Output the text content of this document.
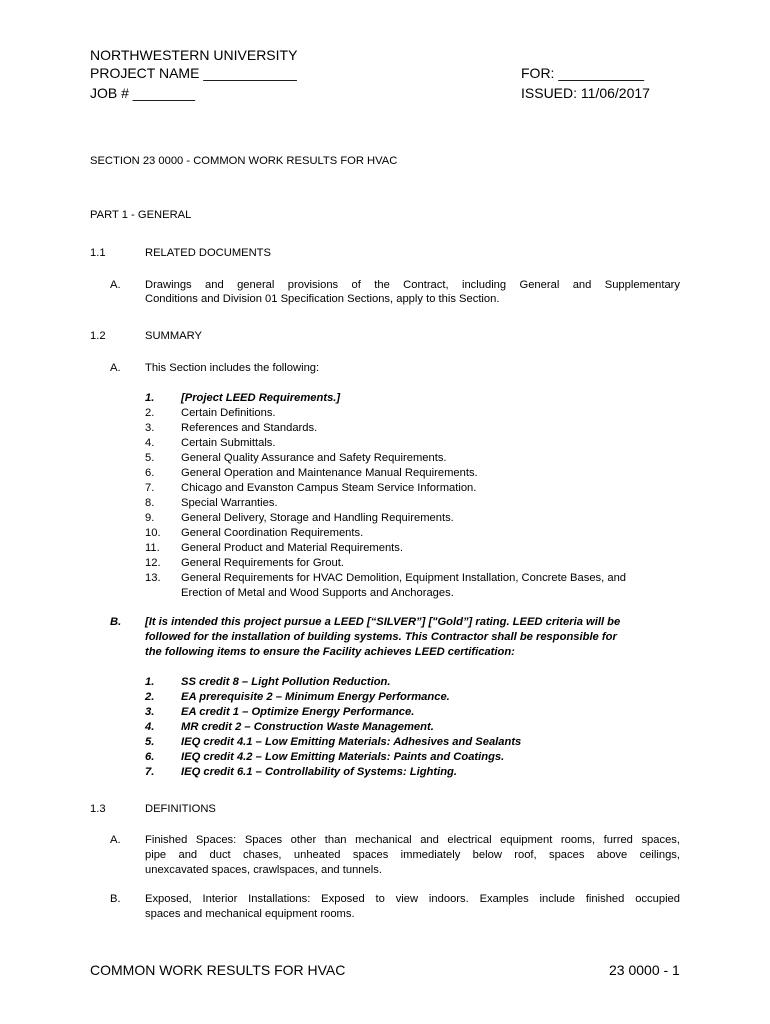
NORTHWESTERN UNIVERSITY
PROJECT NAME ____________
JOB # ________
FOR: ___________
ISSUED: 11/06/2017
SECTION 23 0000 - COMMON WORK RESULTS FOR HVAC
PART 1 - GENERAL
1.1	RELATED DOCUMENTS
A. Drawings and general provisions of the Contract, including General and Supplementary
Conditions and Division 01 Specification Sections, apply to this Section.
1.2	SUMMARY
A. This Section includes the following:
1. [Project LEED Requirements.]
2. Certain Definitions.
3. References and Standards.
4. Certain Submittals.
5. General Quality Assurance and Safety Requirements.
6. General Operation and Maintenance Manual Requirements.
7. Chicago and Evanston Campus Steam Service Information.
8. Special Warranties.
9. General Delivery, Storage and Handling Requirements.
10. General Coordination Requirements.
11. General Product and Material Requirements.
12. General Requirements for Grout.
13. General Requirements for HVAC Demolition, Equipment Installation, Concrete Bases, and
Erection of Metal and Wood Supports and Anchorages.
B. [It is intended this project pursue a LEED [“SILVER”] ["Gold”] rating. LEED criteria will be
followed for the installation of building systems. This Contractor shall be responsible for
the following items to ensure the Facility achieves LEED certification:
1. SS credit 8 – Light Pollution Reduction.
2. EA prerequisite 2 – Minimum Energy Performance.
3. EA credit 1 – Optimize Energy Performance.
4. MR credit 2 – Construction Waste Management.
5. IEQ credit 4.1 – Low Emitting Materials: Adhesives and Sealants
6. IEQ credit 4.2 – Low Emitting Materials: Paints and Coatings.
7. IEQ credit 6.1 – Controllability of Systems: Lighting.
1.3	DEFINITIONS
A. Finished Spaces: Spaces other than mechanical and electrical equipment rooms, furred spaces,
pipe and duct chases, unheated spaces immediately below roof, spaces above ceilings,
unexcavated spaces, crawlspaces, and tunnels.
B. Exposed, Interior Installations: Exposed to view indoors. Examples include finished occupied
spaces and mechanical equipment rooms.
COMMON WORK RESULTS FOR HVAC	23 0000 - 1
